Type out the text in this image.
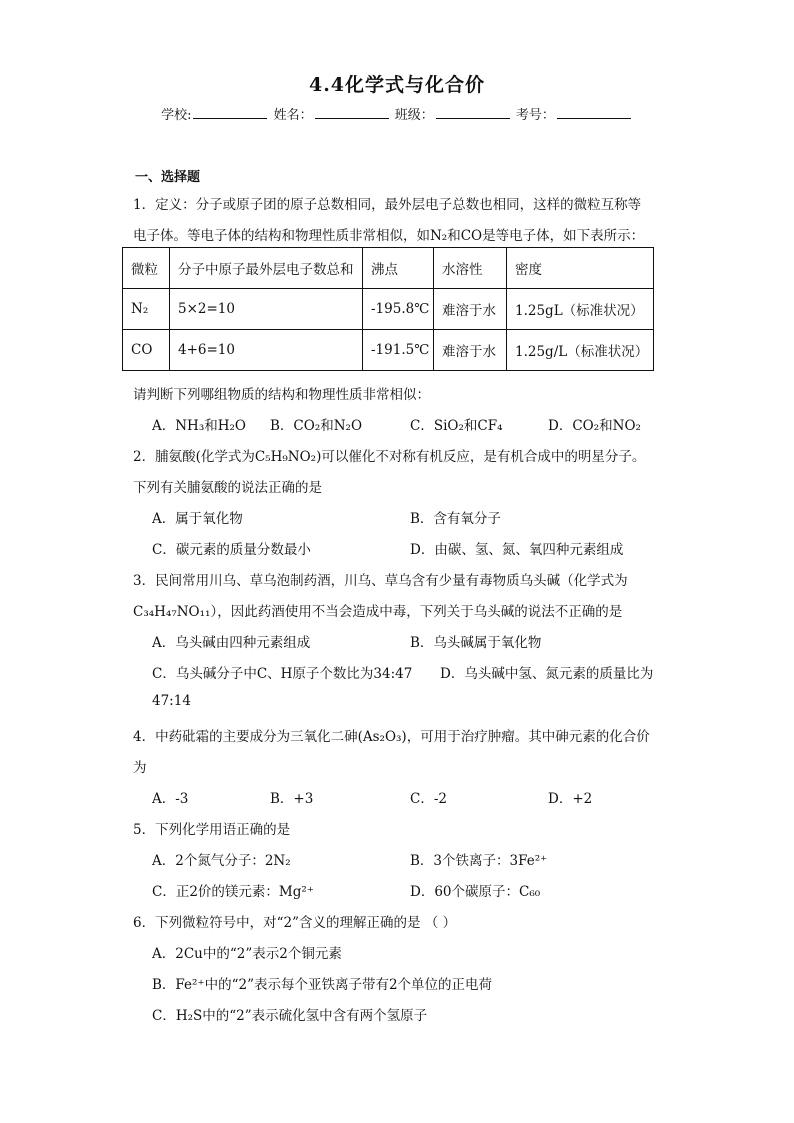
4.4化学式与化合价
学校:	姓名：	班级：	考号：
一、选择题
1．定义：分子或原子团的原子总数相同，最外层电子总数也相同，这样的微粒互称等
电子体。等电子体的结构和物理性质非常相似，如N₂和CO是等电子体，如下表所示：
微粒	分子中原子最外层电子数总和	沸点	水溶性	密度
N₂	5×2=10	-195.8℃	难溶于水	1.25gL（标准状况）
CO	4+6=10	-191.5℃	难溶于水	1.25g/L（标准状况）
请判断下列哪组物质的结构和物理性质非常相似：
A．NH₃和H₂O B．CO₂和N₂O	C．SiO₂和CF₄	D．CO₂和NO₂
2．脯氨酸(化学式为C₅H₉NO₂)可以催化不对称有机反应，是有机合成中的明星分子。
下列有关脯氨酸的说法正确的是
A．属于氧化物	B．含有氧分子
C．碳元素的质量分数最小	D．由碳、氢、氮、氧四种元素组成
3．民间常用川乌、草乌泡制药酒，川乌、草乌含有少量有毒物质乌头碱（化学式为
C₃₄H₄₇NO₁₁），因此药酒使用不当会造成中毒，下列关于乌头碱的说法不正确的是
A．乌头碱由四种元素组成	B．乌头碱属于氧化物
C．乌头碱分子中C、H原子个数比为34:47 D．乌头碱中氢、氮元素的质量比为
47:14
4．中药砒霜的主要成分为三氧化二砷(As₂O₃)，可用于治疗肿瘤。其中砷元素的化合价
为
A．-3	B．+3	C．-2	D．+2
5．下列化学用语正确的是
A．2个氮气分子：2N₂	B．3个铁离子：3Fe²⁺
C．正2价的镁元素：Mg²⁺	D．60个碳原子：C₆₀
6．下列微粒符号中，对“2”含义的理解正确的是 （ ）
A．2Cu中的“2”表示2个铜元素
B．Fe²⁺中的“2”表示每个亚铁离子带有2个单位的正电荷
C．H₂S中的“2”表示硫化氢中含有两个氢原子
